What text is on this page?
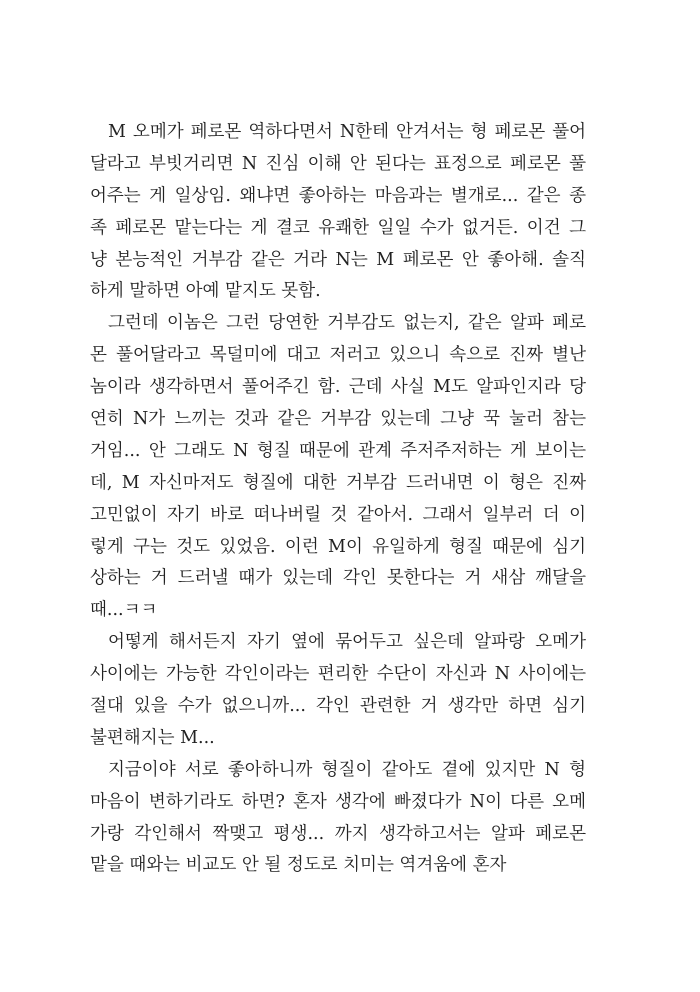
M 오메가 페로몬 역하다면서 N한테 안겨서는 형 페로몬 풀어
달라고 부빗거리면 N 진심 이해 안 된다는 표정으로 페로몬 풀
어주는 게 일상임. 왜냐면 좋아하는 마음과는 별개로... 같은 종
족 페로몬 맡는다는 게 결코 유쾌한 일일 수가 없거든. 이건 그
냥 본능적인 거부감 같은 거라 N는 M 페로몬 안 좋아해. 솔직
하게 말하면 아예 맡지도 못함.
그런데 이놈은 그런 당연한 거부감도 없는지, 같은 알파 페로
몬 풀어달라고 목덜미에 대고 저러고 있으니 속으로 진짜 별난
놈이라 생각하면서 풀어주긴 함. 근데 사실 M도 알파인지라 당
연히 N가 느끼는 것과 같은 거부감 있는데 그냥 꾹 눌러 참는
거임... 안 그래도 N 형질 때문에 관계 주저주저하는 게 보이는
데, M 자신마저도 형질에 대한 거부감 드러내면 이 형은 진짜
고민없이 자기 바로 떠나버릴 것 같아서. 그래서 일부러 더 이
렇게 구는 것도 있었음. 이런 M이 유일하게 형질 때문에 심기
상하는 거 드러낼 때가 있는데 각인 못한다는 거 새삼 깨달을
때...ㅋㅋ
어떻게 해서든지 자기 옆에 묶어두고 싶은데 알파랑 오메가
사이에는 가능한 각인이라는 편리한 수단이 자신과 N 사이에는
절대 있을 수가 없으니까... 각인 관련한 거 생각만 하면 심기
불편해지는 M...
지금이야 서로 좋아하니까 형질이 같아도 곁에 있지만 N 형
마음이 변하기라도 하면? 혼자 생각에 빠졌다가 N이 다른 오메
가랑 각인해서 짝맺고 평생... 까지 생각하고서는 알파 페로몬
맡을 때와는 비교도 안 될 정도로 치미는 역겨움에 혼자
